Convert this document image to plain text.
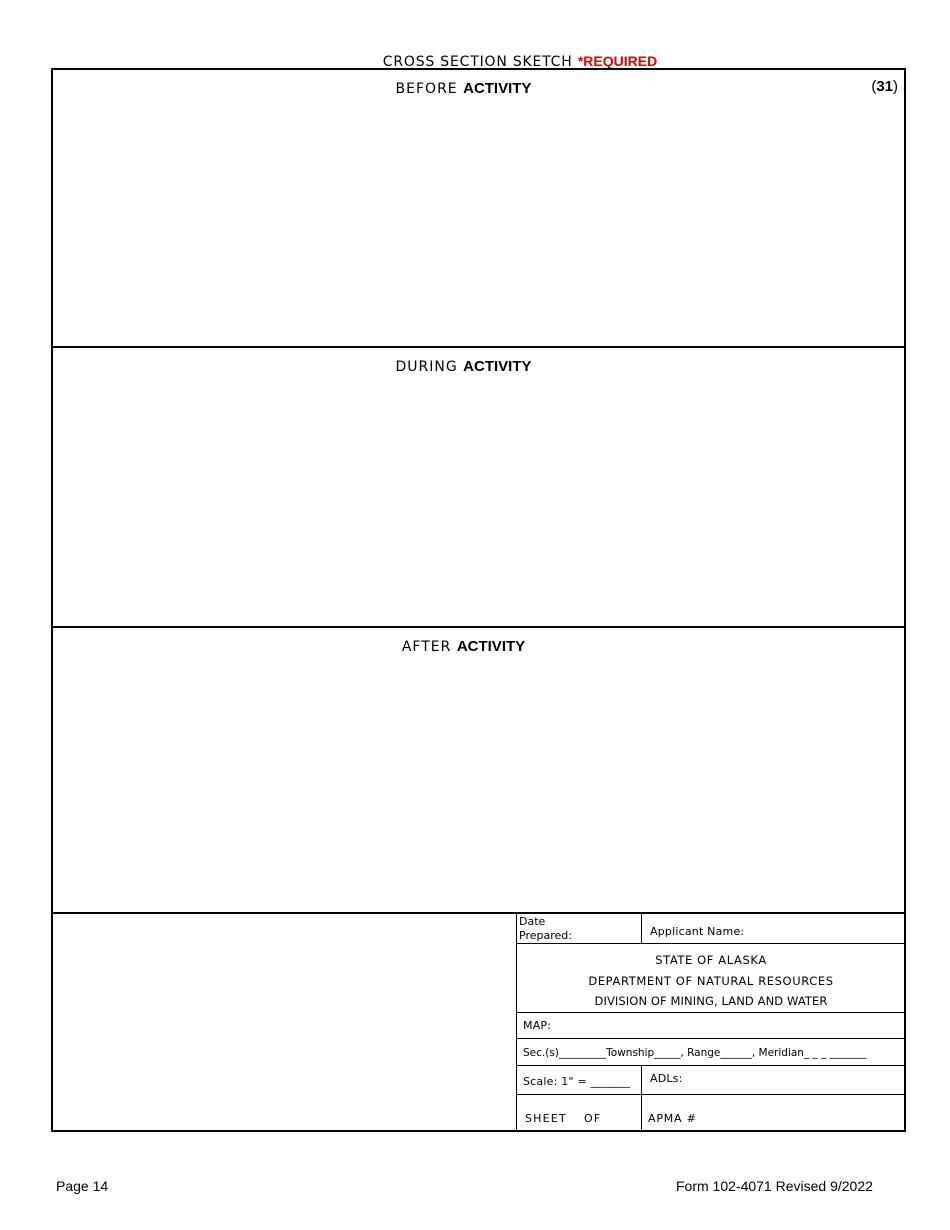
CROSS SECTION SKETCH *REQUIRED
BEFORE ACTIVITY	(31)
DURING ACTIVITY
AFTER ACTIVITY
Date Prepared:	Applicant Name:
STATE OF ALASKA
DEPARTMENT OF NATURAL RESOURCES
DIVISION OF MINING, LAND AND WATER
MAP:
Sec.(s)_________Township_____, Range______, Meridian_ _ _ _______
Scale: 1" = _______ ADLs:
SHEET OF	APMA #
Page 14	Form 102-4071 Revised 9/2022
